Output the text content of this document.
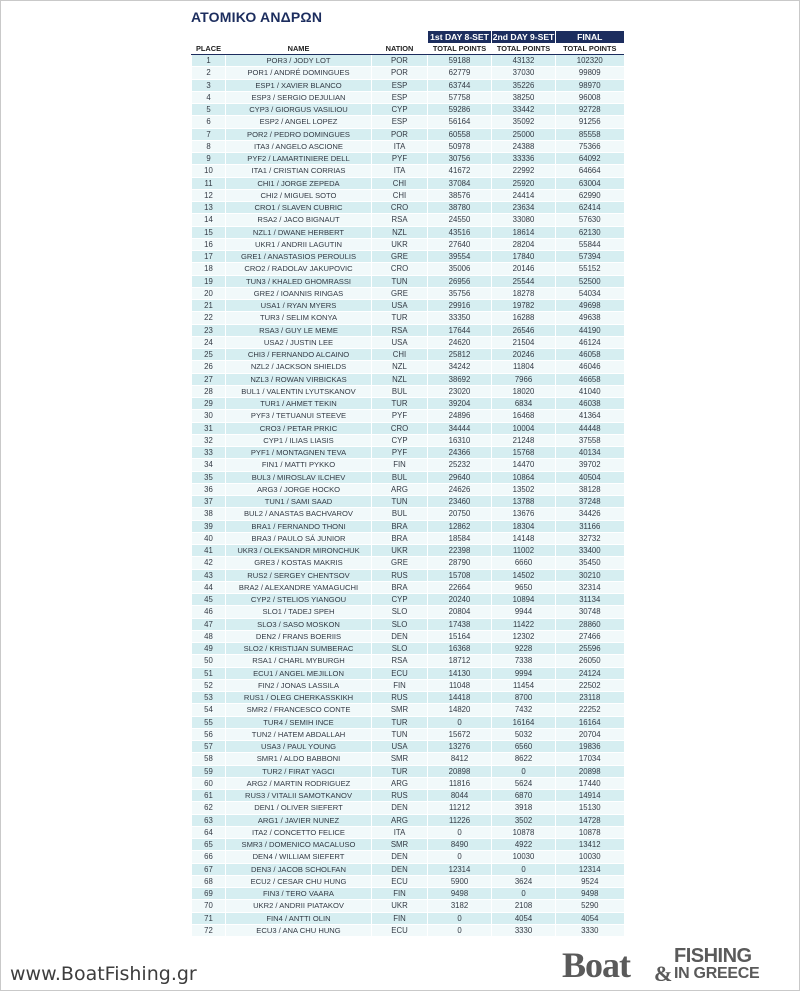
ΑΤΟΜΙΚΟ ΑΝΔΡΩΝ
			1st DAY 8-SET	2nd DAY 9-SET	FINAL
PLACE	NAME	NATION	TOTAL POINTS	TOTAL POINTS	TOTAL POINTS
1	POR3 / JODY LOT	POR	59188	43132	102320
2	POR1 / ANDRÉ DOMINGUES	POR	62779	37030	99809
3	ESP1 / XAVIER BLANCO	ESP	63744	35226	98970
4	ESP3 / SERGIO DEJULIAN	ESP	57758	38250	96008
5	CYP3 / GIORGUS VASILIOU	CYP	59286	33442	92728
6	ESP2 / ANGEL LOPEZ	ESP	56164	35092	91256
7	POR2 / PEDRO DOMINGUES	POR	60558	25000	85558
8	ITA3 / ANGELO ASCIONE	ITA	50978	24388	75366
9	PYF2 / LAMARTINIERE DELL	PYF	30756	33336	64092
10	ITA1 / CRISTIAN CORRIAS	ITA	41672	22992	64664
11	CHI1 / JORGE ZEPEDA	CHI	37084	25920	63004
12	CHI2 / MIGUEL SOTO	CHI	38576	24414	62990
13	CRO1 / SLAVEN CUBRIC	CRO	38780	23634	62414
14	RSA2 / JACO BIGNAUT	RSA	24550	33080	57630
15	NZL1 / DWANE HERBERT	NZL	43516	18614	62130
16	UKR1 / ANDRII LAGUTIN	UKR	27640	28204	55844
17	GRE1 / ANASTASIOS PEROULIS	GRE	39554	17840	57394
18	CRO2 / RADOLAV JAKUPOVIC	CRO	35006	20146	55152
19	TUN3 / KHALED GHOMRASSI	TUN	26956	25544	52500
20	GRE2 / IOANNIS RINGAS	GRE	35756	18278	54034
21	USA1 / RYAN MYERS	USA	29916	19782	49698
22	TUR3 / SELIM KONYA	TUR	33350	16288	49638
23	RSA3 / GUY LE MEME	RSA	17644	26546	44190
24	USA2 / JUSTIN LEE	USA	24620	21504	46124
25	CHI3 / FERNANDO ALCAINO	CHI	25812	20246	46058
26	NZL2 / JACKSON SHIELDS	NZL	34242	11804	46046
27	NZL3 / ROWAN VIRBICKAS	NZL	38692	7966	46658
28	BUL1 / VALENTIN LYUTSKANOV	BUL	23020	18020	41040
29	TUR1 / AHMET TEKIN	TUR	39204	6834	46038
30	PYF3 / TETUANUI STEEVE	PYF	24896	16468	41364
31	CRO3 / PETAR PRKIC	CRO	34444	10004	44448
32	CYP1 / ILIAS LIASIS	CYP	16310	21248	37558
33	PYF1 / MONTAGNEN TEVA	PYF	24366	15768	40134
34	FIN1 / MATTI PYKKO	FIN	25232	14470	39702
35	BUL3 / MIROSLAV ILCHEV	BUL	29640	10864	40504
36	ARG3 / JORGE HOCKO	ARG	24626	13502	38128
37	TUN1 / SAMI SAAD	TUN	23460	13788	37248
38	BUL2 / ANASTAS BACHVAROV	BUL	20750	13676	34426
39	BRA1 / FERNANDO THONI	BRA	12862	18304	31166
40	BRA3 / PAULO SÁ JUNIOR	BRA	18584	14148	32732
41	UKR3 / OLEKSANDR MIRONCHUK	UKR	22398	11002	33400
42	GRE3 / KOSTAS MAKRIS	GRE	28790	6660	35450
43	RUS2 / SERGEY CHENTSOV	RUS	15708	14502	30210
44	BRA2 / ALEXANDRE YAMAGUCHI	BRA	22664	9650	32314
45	CYP2 / STELIOS YIANGOU	CYP	20240	10894	31134
46	SLO1 / TADEJ SPEH	SLO	20804	9944	30748
47	SLO3 / SASO MOSKON	SLO	17438	11422	28860
48	DEN2 / FRANS BOERIIS	DEN	15164	12302	27466
49	SLO2 / KRISTIJAN SUMBERAC	SLO	16368	9228	25596
50	RSA1 / CHARL MYBURGH	RSA	18712	7338	26050
51	ECU1 / ANGEL MEJILLON	ECU	14130	9994	24124
52	FIN2 / JONAS LASSILA	FIN	11048	11454	22502
53	RUS1 / OLEG CHERKASSKIKH	RUS	14418	8700	23118
54	SMR2 / FRANCESCO CONTE	SMR	14820	7432	22252
55	TUR4 / SEMIH INCE	TUR	0	16164	16164
56	TUN2 / HATEM ABDALLAH	TUN	15672	5032	20704
57	USA3 / PAUL YOUNG	USA	13276	6560	19836
58	SMR1 / ALDO BABBONI	SMR	8412	8622	17034
59	TUR2 / FIRAT YAGCI	TUR	20898	0	20898
60	ARG2 / MARTIN RODRIGUEZ	ARG	11816	5624	17440
61	RUS3 / VITALII SAMOTKANOV	RUS	8044	6870	14914
62	DEN1 / OLIVER SIEFERT	DEN	11212	3918	15130
63	ARG1 / JAVIER NUNEZ	ARG	11226	3502	14728
64	ITA2 / CONCETTO FELICE	ITA	0	10878	10878
65	SMR3 / DOMENICO MACALUSO	SMR	8490	4922	13412
66	DEN4 / WILLIAM SIEFERT	DEN	0	10030	10030
67	DEN3 / JACOB SCHOLFAN	DEN	12314	0	12314
68	ECU2 / CESAR CHU HUNG	ECU	5900	3624	9524
69	FIN3 / TERO VAARA	FIN	9498	0	9498
70	UKR2 / ANDRII PIATAKOV	UKR	3182	2108	5290
71	FIN4 / ANTTI OLIN	FIN	0	4054	4054
72	ECU3 / ANA CHU HUNG	ECU	0	3330	3330
www.BoatFishing.gr	Boat &
FISHING
IN GREECE
